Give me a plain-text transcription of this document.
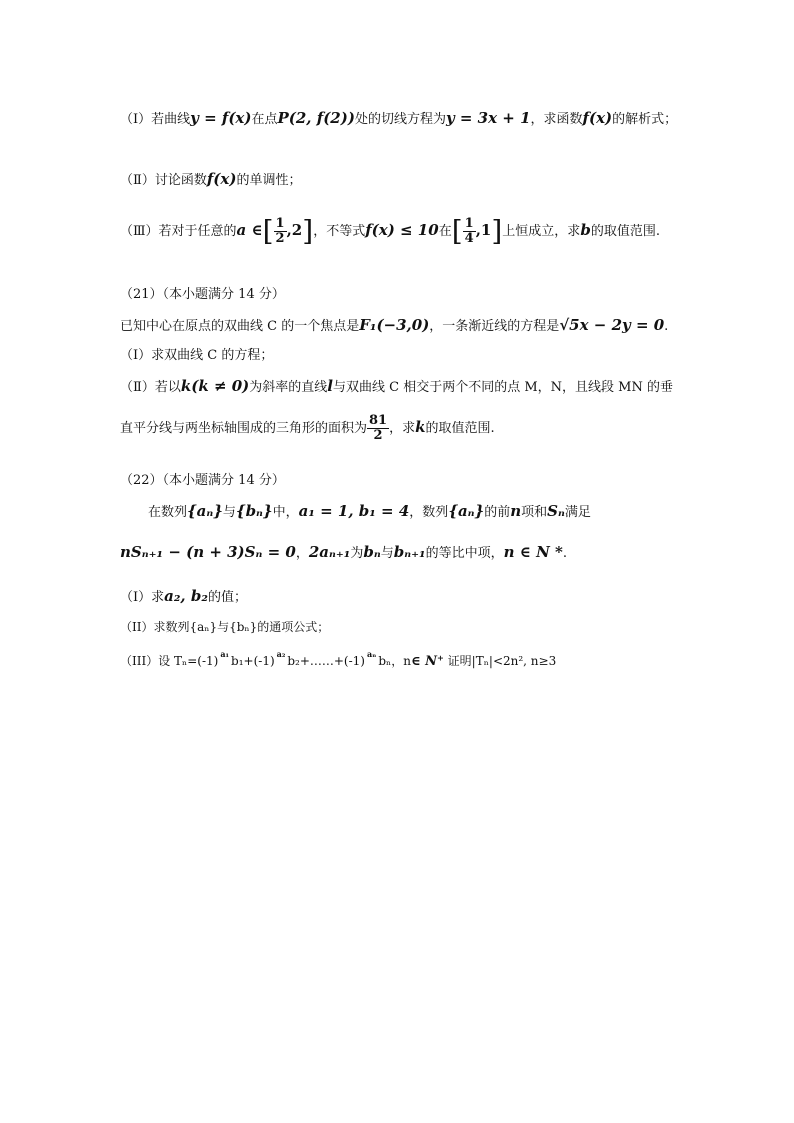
（Ⅰ）若曲线y = f(x)在点P(2, f(2))处的切线方程为y = 3x + 1，求函数f(x)的解析式；
（Ⅱ）讨论函数f(x)的单调性；
（Ⅲ）若对于任意的a ∈[ $\frac{1}{2} ,2$]，不等式f(x) ≤ 10在[ $\frac{1}{4} ,1$]上恒成立，求b的取值范围.
（21）（本小题满分 14 分）
已知中心在原点的双曲线 C 的一个焦点是F₁(−3,0)，一条渐近线的方程是√5x − 2y = 0.
（Ⅰ）求双曲线 C 的方程；
（Ⅱ）若以k(k ≠ 0)为斜率的直线l与双曲线 C 相交于两个不同的点 M，N，且线段 MN 的垂
直平分线与两坐标轴围成的三角形的面积为 $\frac{81}{2}$ ，求k的取值范围.
（22）（本小题满分 14 分）
在数列{aₙ}与{bₙ}中，a₁ = 1, b₁ = 4，数列{aₙ}的前n项和Sₙ满足
nSₙ₊₁ − (n + 3)Sₙ = 0，2aₙ₊₁为bₙ与bₙ₊₁的等比中项，n ∈ N *.
（Ⅰ）求a₂, b₂的值；
（II）求数列{aₙ}与{bₙ}的通项公式；
（III）设 Tₙ=(-1) $^{a_1}$ b₁+(-1) $^{a_2}$ b₂+……+(-1) $^{a_n}$ bₙ，n∈ N⁺ 证明|Tₙ|<2n², n≥3
